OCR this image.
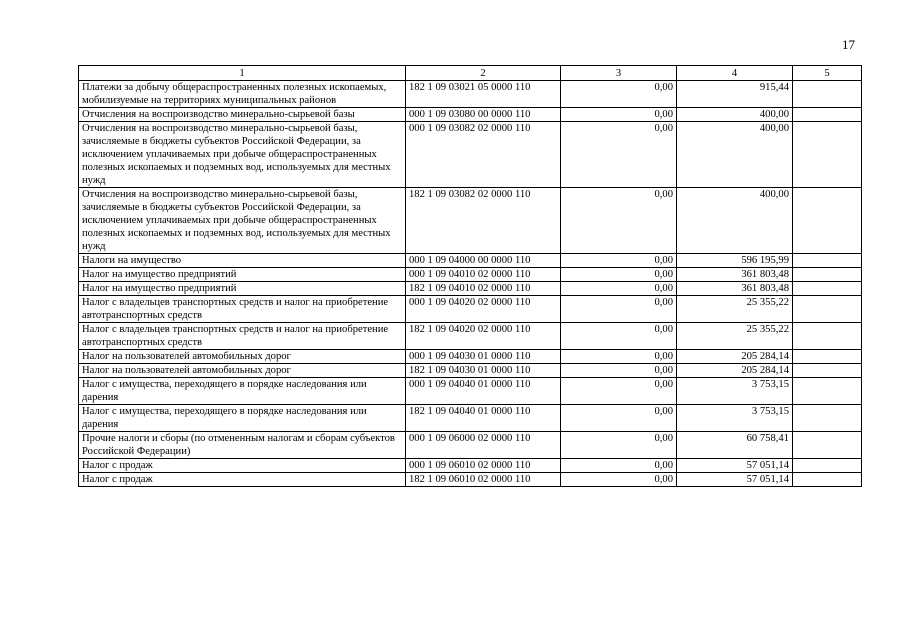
17
1	2	3	4	5
Платежи за добычу общераспространенных полезных ископаемых, мобилизуемые на территориях муниципальных районов	182 1 09 03021 05 0000 110	0,00	915,44	
Отчисления на воспроизводство минерально-сырьевой базы	000 1 09 03080 00 0000 110	0,00	400,00	
Отчисления на воспроизводство минерально-сырьевой базы, зачисляемые в бюджеты субъектов Российской Федерации, за исключением уплачиваемых при добыче общераспространенных полезных ископаемых и подземных вод, используемых для местных нужд	000 1 09 03082 02 0000 110	0,00	400,00	
Отчисления на воспроизводство минерально-сырьевой базы, зачисляемые в бюджеты субъектов Российской Федерации, за исключением уплачиваемых при добыче общераспространенных полезных ископаемых и подземных вод, используемых для местных нужд	182 1 09 03082 02 0000 110	0,00	400,00	
Налоги на имущество	000 1 09 04000 00 0000 110	0,00	596 195,99	
Налог на имущество предприятий	000 1 09 04010 02 0000 110	0,00	361 803,48	
Налог на имущество предприятий	182 1 09 04010 02 0000 110	0,00	361 803,48	
Налог с владельцев транспортных средств и налог на приобретение автотранспортных средств	000 1 09 04020 02 0000 110	0,00	25 355,22	
Налог с владельцев транспортных средств и налог на приобретение автотранспортных средств	182 1 09 04020 02 0000 110	0,00	25 355,22	
Налог на пользователей автомобильных дорог	000 1 09 04030 01 0000 110	0,00	205 284,14	
Налог на пользователей автомобильных дорог	182 1 09 04030 01 0000 110	0,00	205 284,14	
Налог с имущества, переходящего в порядке наследования или дарения	000 1 09 04040 01 0000 110	0,00	3 753,15	
Налог с имущества, переходящего в порядке наследования или дарения	182 1 09 04040 01 0000 110	0,00	3 753,15	
Прочие налоги и сборы (по отмененным налогам и сборам субъектов Российской Федерации)	000 1 09 06000 02 0000 110	0,00	60 758,41	
Налог с продаж	000 1 09 06010 02 0000 110	0,00	57 051,14	
Налог с продаж	182 1 09 06010 02 0000 110	0,00	57 051,14	
